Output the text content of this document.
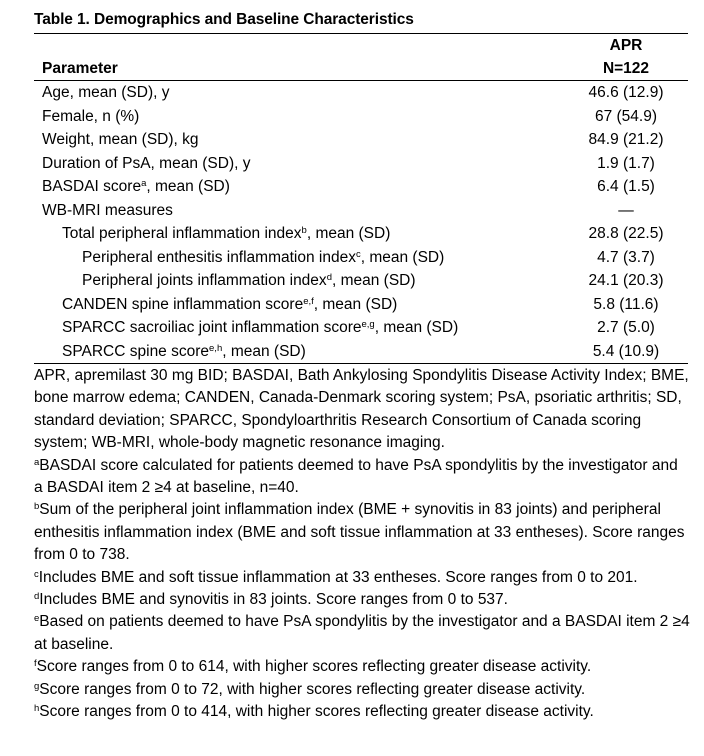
Table 1. Demographics and Baseline Characteristics
	APR
Parameter	N=122
Age, mean (SD), y	46.6 (12.9)
Female, n (%)	67 (54.9)
Weight, mean (SD), kg	84.9 (21.2)
Duration of PsA, mean (SD), y	1.9 (1.7)
BASDAI score$^a$, mean (SD)	6.4 (1.5)
WB-MRI measures	—
Total peripheral inflammation index$^b$, mean (SD)	28.8 (22.5)
Peripheral enthesitis inflammation index$^c$, mean (SD)	4.7 (3.7)
Peripheral joints inflammation index$^d$, mean (SD)	24.1 (20.3)
CANDEN spine inflammation score$^{e,f}$, mean (SD)	5.8 (11.6)
SPARCC sacroiliac joint inflammation score$^{e,g}$, mean (SD)	2.7 (5.0)
SPARCC spine score$^{e,h}$, mean (SD)	5.4 (10.9)

APR, apremilast 30 mg BID; BASDAI, Bath Ankylosing Spondylitis Disease Activity Index; BME, bone marrow edema; CANDEN, Canada-Denmark scoring system; PsA, psoriatic arthritis; SD, standard deviation; SPARCC, Spondyloarthritis Research Consortium of Canada scoring system; WB-MRI, whole-body magnetic resonance imaging.

$^a$BASDAI score calculated for patients deemed to have PsA spondylitis by the investigator and a BASDAI item 2 ≥4 at baseline, n=40.

$^b$Sum of the peripheral joint inflammation index (BME + synovitis in 83 joints) and peripheral enthesitis inflammation index (BME and soft tissue inflammation at 33 entheses). Score ranges from 0 to 738.

$^c$Includes BME and soft tissue inflammation at 33 entheses. Score ranges from 0 to 201.

$^d$Includes BME and synovitis in 83 joints. Score ranges from 0 to 537.

$^e$Based on patients deemed to have PsA spondylitis by the investigator and a BASDAI item 2 ≥4 at baseline.

$^f$Score ranges from 0 to 614, with higher scores reflecting greater disease activity.

$^g$Score ranges from 0 to 72, with higher scores reflecting greater disease activity.

$^h$Score ranges from 0 to 414, with higher scores reflecting greater disease activity.
